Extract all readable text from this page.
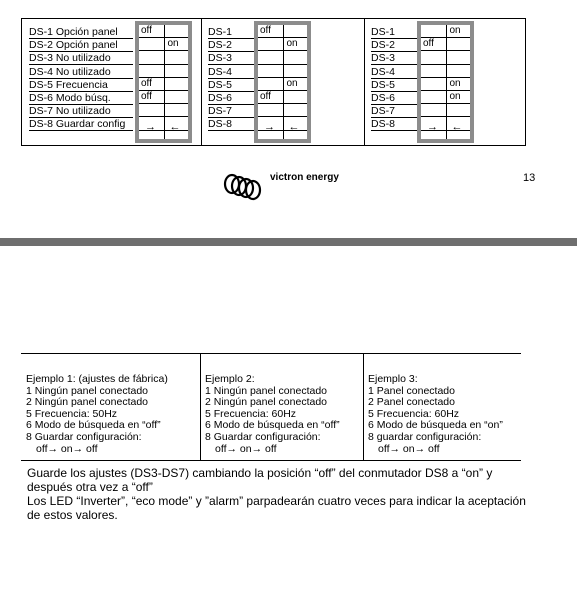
DS-1 Opción panel
DS-2 Opción panel
DS-3 No utilizado
DS-4 No utilizado
DS-5 Frecuencia
DS-6 Modo búsq.
DS-7 No utilizado
DS-8 Guardar config
off
on
off
off
→ ←
DS-1
DS-2
DS-3
DS-4
DS-5
DS-6
DS-7
DS-8
off
on
on
off
→ ←
DS-1
DS-2
DS-3
DS-4
DS-5
DS-6
DS-7
DS-8
on
off
on
on
→ ←
victron energy	13
Ejemplo 1: (ajustes de fábrica)
1 Ningún panel conectado
2 Ningún panel conectado
5 Frecuencia: 50Hz
6 Modo de búsqueda en “off”
8 Guardar configuración:
off→ on→ off
Ejemplo 2:
1 Ningún panel conectado
2 Ningún panel conectado
5 Frecuencia: 60Hz
6 Modo de búsqueda en “off”
8 Guardar configuración:
off→ on→ off
Ejemplo 3:
1 Panel conectado
2 Panel conectado
5 Frecuencia: 60Hz
6 Modo de búsqueda en “on”
8 guardar configuración:
off→ on→ off
Guarde los ajustes (DS3-DS7) cambiando la posición “off” del conmutador DS8 a “on” y
después otra vez a “off”
Los LED “Inverter”, “eco mode” y ”alarm” parpadearán cuatro veces para indicar la aceptación
de estos valores.
